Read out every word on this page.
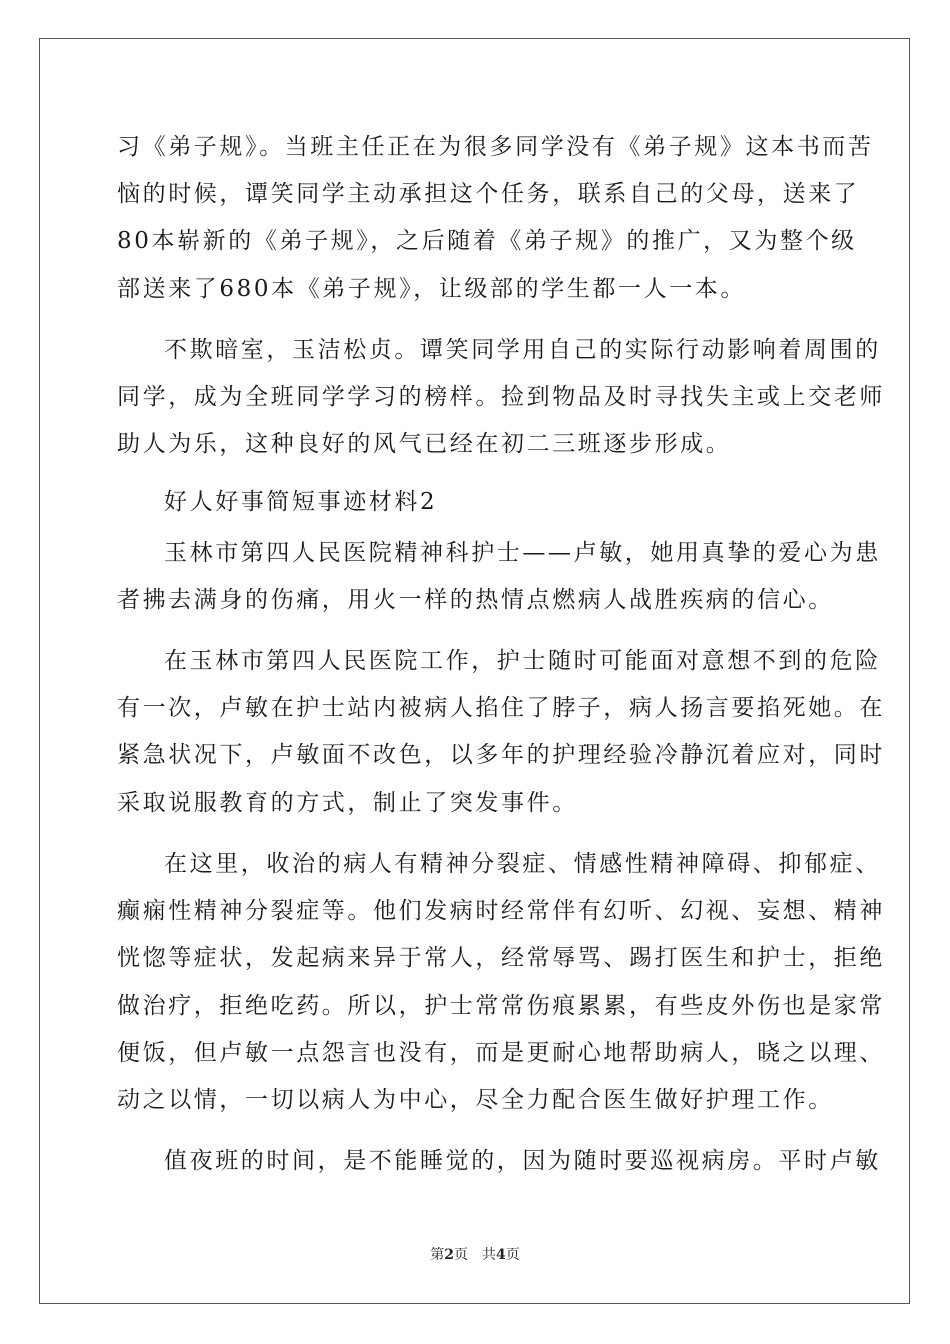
习《弟子规》。当班主任正在为很多同学没有《弟子规》这本书而苦
恼的时候，谭笑同学主动承担这个任务，联系自己的父母，送来了
80本崭新的《弟子规》，之后随着《弟子规》的推广，又为整个级
部送来了680本《弟子规》，让级部的学生都一人一本。
不欺暗室，玉洁松贞。谭笑同学用自己的实际行动影响着周围的
同学，成为全班同学学习的榜样。捡到物品及时寻找失主或上交老师
助人为乐，这种良好的风气已经在初二三班逐步形成。
好人好事简短事迹材料2
玉林市第四人民医院精神科护士——卢敏，她用真挚的爱心为患
者拂去满身的伤痛，用火一样的热情点燃病人战胜疾病的信心。
在玉林市第四人民医院工作，护士随时可能面对意想不到的危险
有一次，卢敏在护士站内被病人掐住了脖子，病人扬言要掐死她。在
紧急状况下，卢敏面不改色，以多年的护理经验冷静沉着应对，同时
采取说服教育的方式，制止了突发事件。
在这里，收治的病人有精神分裂症、情感性精神障碍、抑郁症、
癫痫性精神分裂症等。他们发病时经常伴有幻听、幻视、妄想、精神
恍惚等症状，发起病来异于常人，经常辱骂、踢打医生和护士，拒绝
做治疗，拒绝吃药。所以，护士常常伤痕累累，有些皮外伤也是家常
便饭，但卢敏一点怨言也没有，而是更耐心地帮助病人，晓之以理、
动之以情，一切以病人为中心，尽全力配合医生做好护理工作。
值夜班的时间，是不能睡觉的，因为随时要巡视病房。平时卢敏
第2页　共4页
